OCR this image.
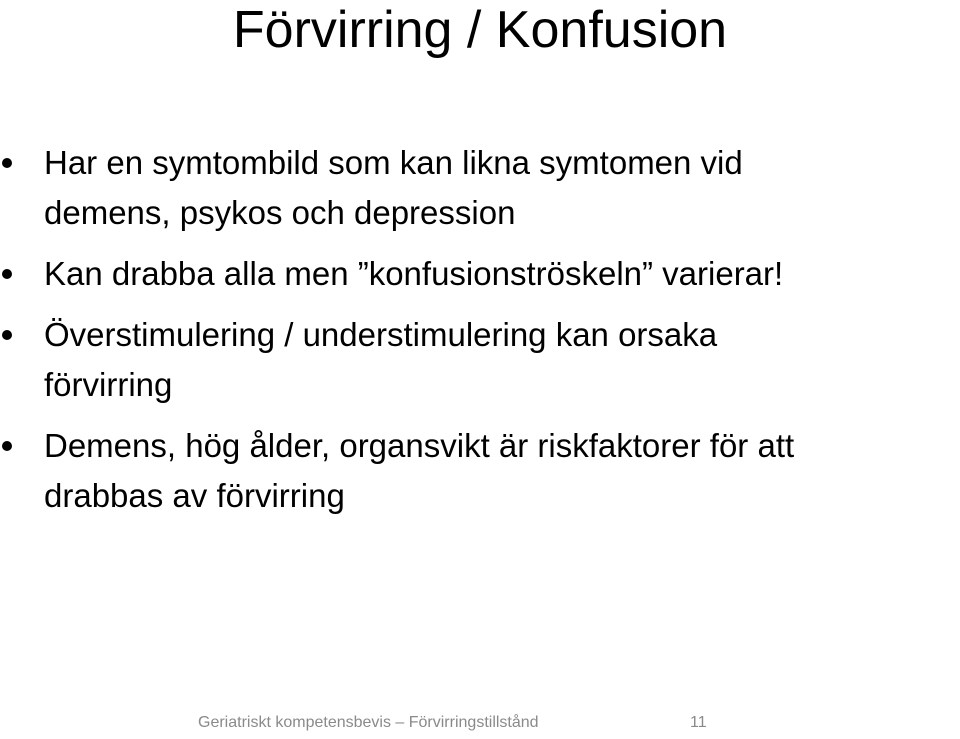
Förvirring / Konfusion
Har en symtombild som kan likna symtomen vid
demens, psykos och depression
Kan drabba alla men ”konfusionströskeln” varierar!
Överstimulering / understimulering kan orsaka
förvirring
Demens, hög ålder, organsvikt är riskfaktorer för att
drabbas av förvirring
Geriatriskt kompetensbevis – Förvirringstillstånd	11
